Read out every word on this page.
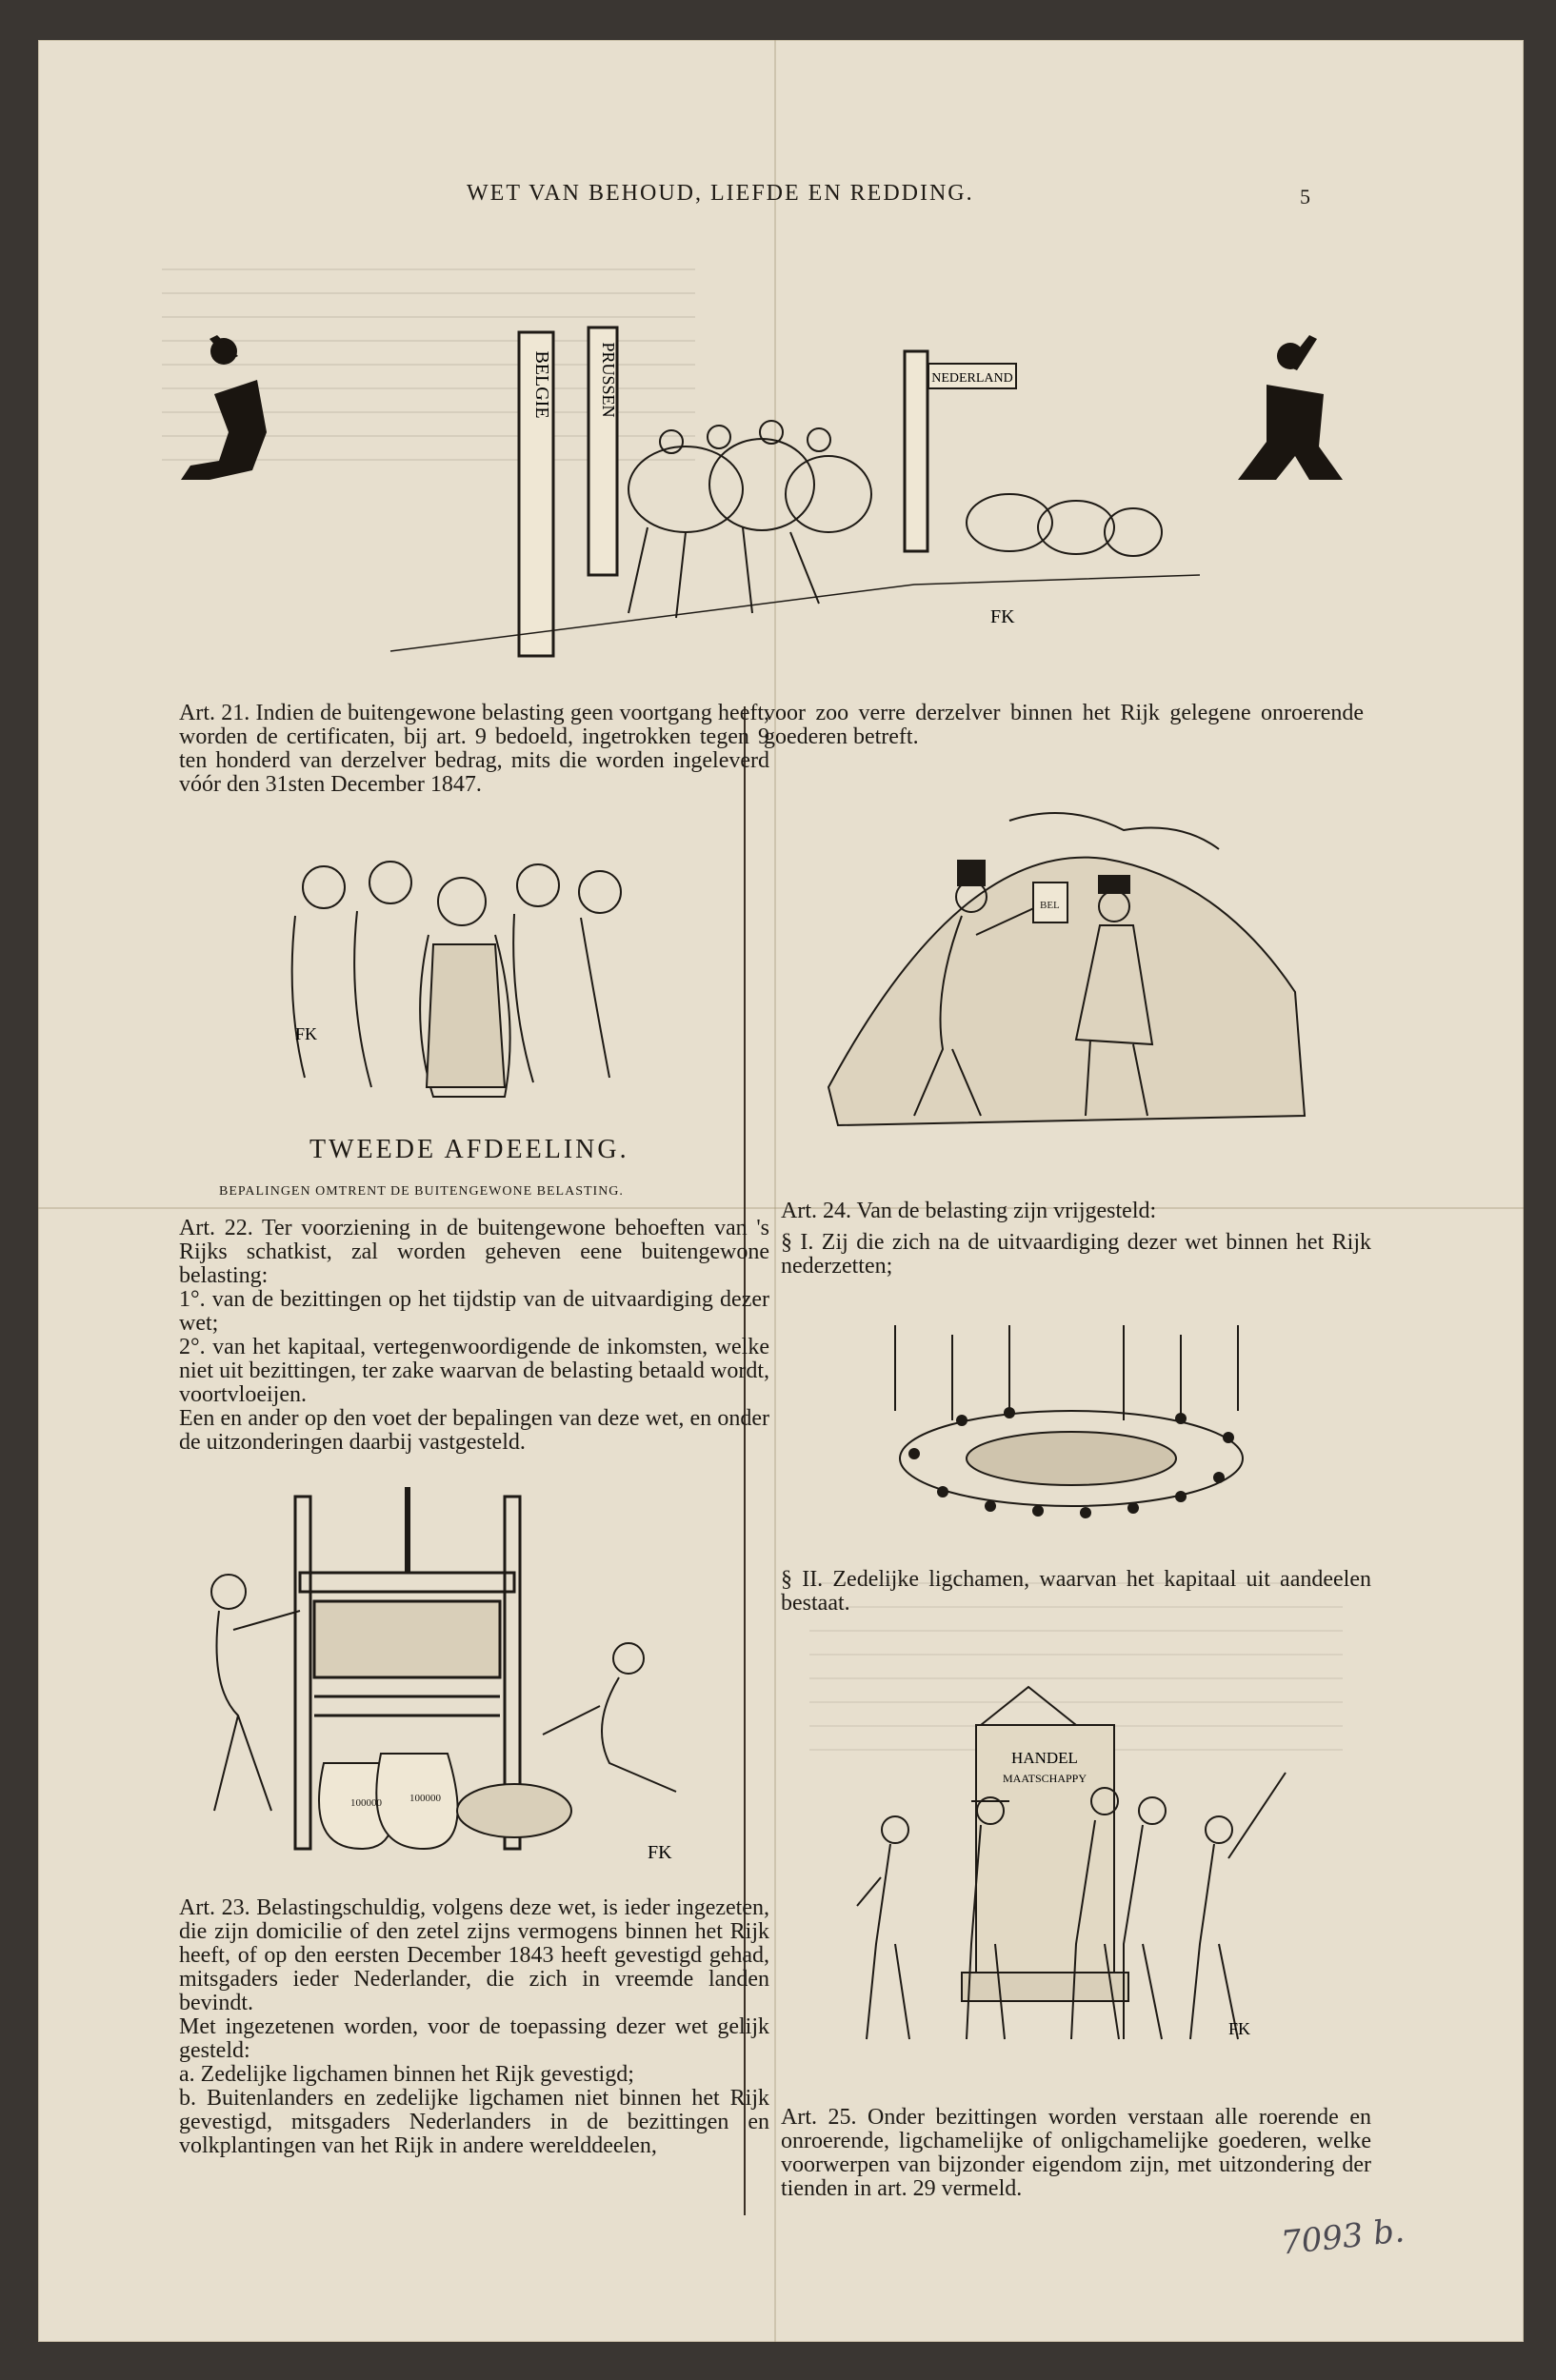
WET VAN BEHOUD, LIEFDE EN REDDING.	5
BELGIE	PRUSSEN	NEDERLAND
FK
Art. 21. Indien de buitengewone belasting geen voortgang heeft, worden de certificaten, bij art. 9 bedoeld, ingetrokken tegen 9 ten honderd van derzelver bedrag, mits die worden ingeleverd vóór den 31sten December 1847.
voor zoo verre derzelver binnen het Rijk gelegene onroerende goederen betreft.
FK
TWEEDE AFDEELING.
BEPALINGEN OMTRENT DE BUITENGEWONE BELASTING.

Art. 22. Ter voorziening in de buitengewone behoeften van 's Rijks schatkist, zal worden geheven eene buitengewone belasting:

1°. van de bezittingen op het tijdstip van de uitvaardiging dezer wet;

2°. van het kapitaal, vertegenwoordigende de inkomsten, welke niet uit bezittingen, ter zake waarvan de belasting betaald wordt, voortvloeijen.

Een en ander op den voet der bepalingen van deze wet, en onder de uitzonderingen daarbij vastgesteld.

100000	100000
FK

Art. 23. Belastingschuldig, volgens deze wet, is ieder ingezeten, die zijn domicilie of den zetel zijns vermogens binnen het Rijk heeft, of op den eersten December 1843 heeft gevestigd gehad, mitsgaders ieder Nederlander, die zich in vreemde landen bevindt.

Met ingezetenen worden, voor de toepassing dezer wet gelijk gesteld:

a. Zedelijke ligchamen binnen het Rijk gevestigd;

b. Buitenlanders en zedelijke ligchamen niet binnen het Rijk gevestigd, mitsgaders Nederlanders in de bezittingen en volkplantingen van het Rijk in andere werelddeelen,

BEL

Art. 24. Van de belasting zijn vrijgesteld:

§ I. Zij die zich na de uitvaardiging dezer wet binnen het Rijk nederzetten;

§ II. Zedelijke ligchamen, waarvan het kapitaal uit aandeelen bestaat.
HANDEL
MAATSCHAPPY
FK
Art. 25. Onder bezittingen worden verstaan alle roerende en onroerende, ligchamelijke of onligchamelijke goederen, welke voorwerpen van bijzonder eigendom zijn, met uitzondering der tienden in art. 29 vermeld.
7093 b.
